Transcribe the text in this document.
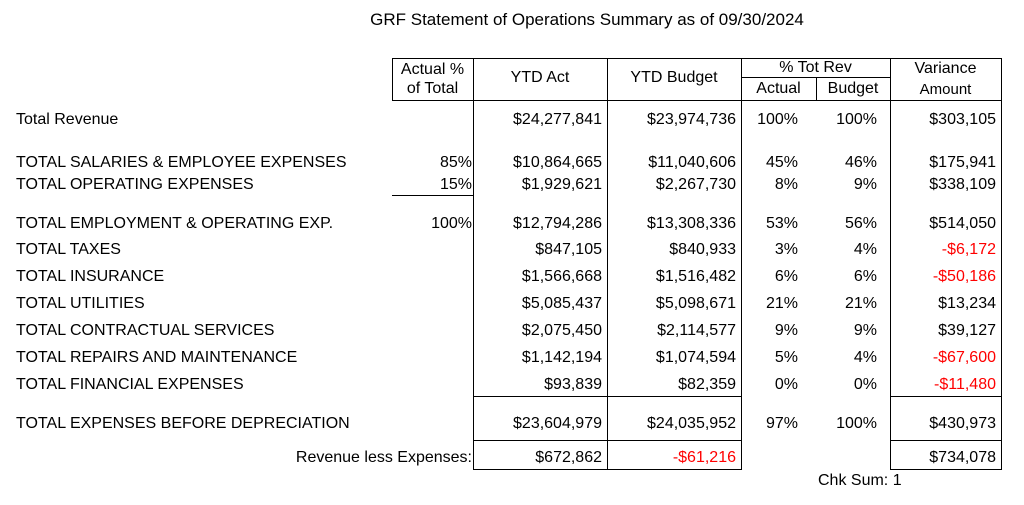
GRF Statement of Operations Summary as of 09/30/2024
Actual %
of Total
YTD Act	YTD Budget
% Tot Rev
Actual	Budget
Variance
Amount
Total Revenue	$24,277,841	$23,974,736 100% 100%	$303,105
TOTAL SALARIES & EMPLOYEE EXPENSES	85%	$10,864,665	$11,040,606 45%	46%	$175,941
TOTAL OPERATING EXPENSES	15%	$1,929,621	$2,267,730 8%	9%	$338,109
TOTAL EMPLOYMENT & OPERATING EXP.	100%	$12,794,286	$13,308,336 53%	56%	$514,050
TOTAL TAXES	$847,105	$840,933 3%	4%	-$6,172
TOTAL INSURANCE	$1,566,668	$1,516,482 6%	6%	-$50,186
TOTAL UTILITIES	$5,085,437	$5,098,671 21%	21%	$13,234
TOTAL CONTRACTUAL SERVICES	$2,075,450	$2,114,577 9%	9%	$39,127
TOTAL REPAIRS AND MAINTENANCE	$1,142,194	$1,074,594 5%	4%	-$67,600
TOTAL FINANCIAL EXPENSES	$93,839	$82,359 0%	0%	-$11,480
TOTAL EXPENSES BEFORE DEPRECIATION	$23,604,979	$24,035,952 97% 100%	$430,973
Revenue less Expenses:	$672,862	-$61,216	$734,078
Chk Sum: 1
